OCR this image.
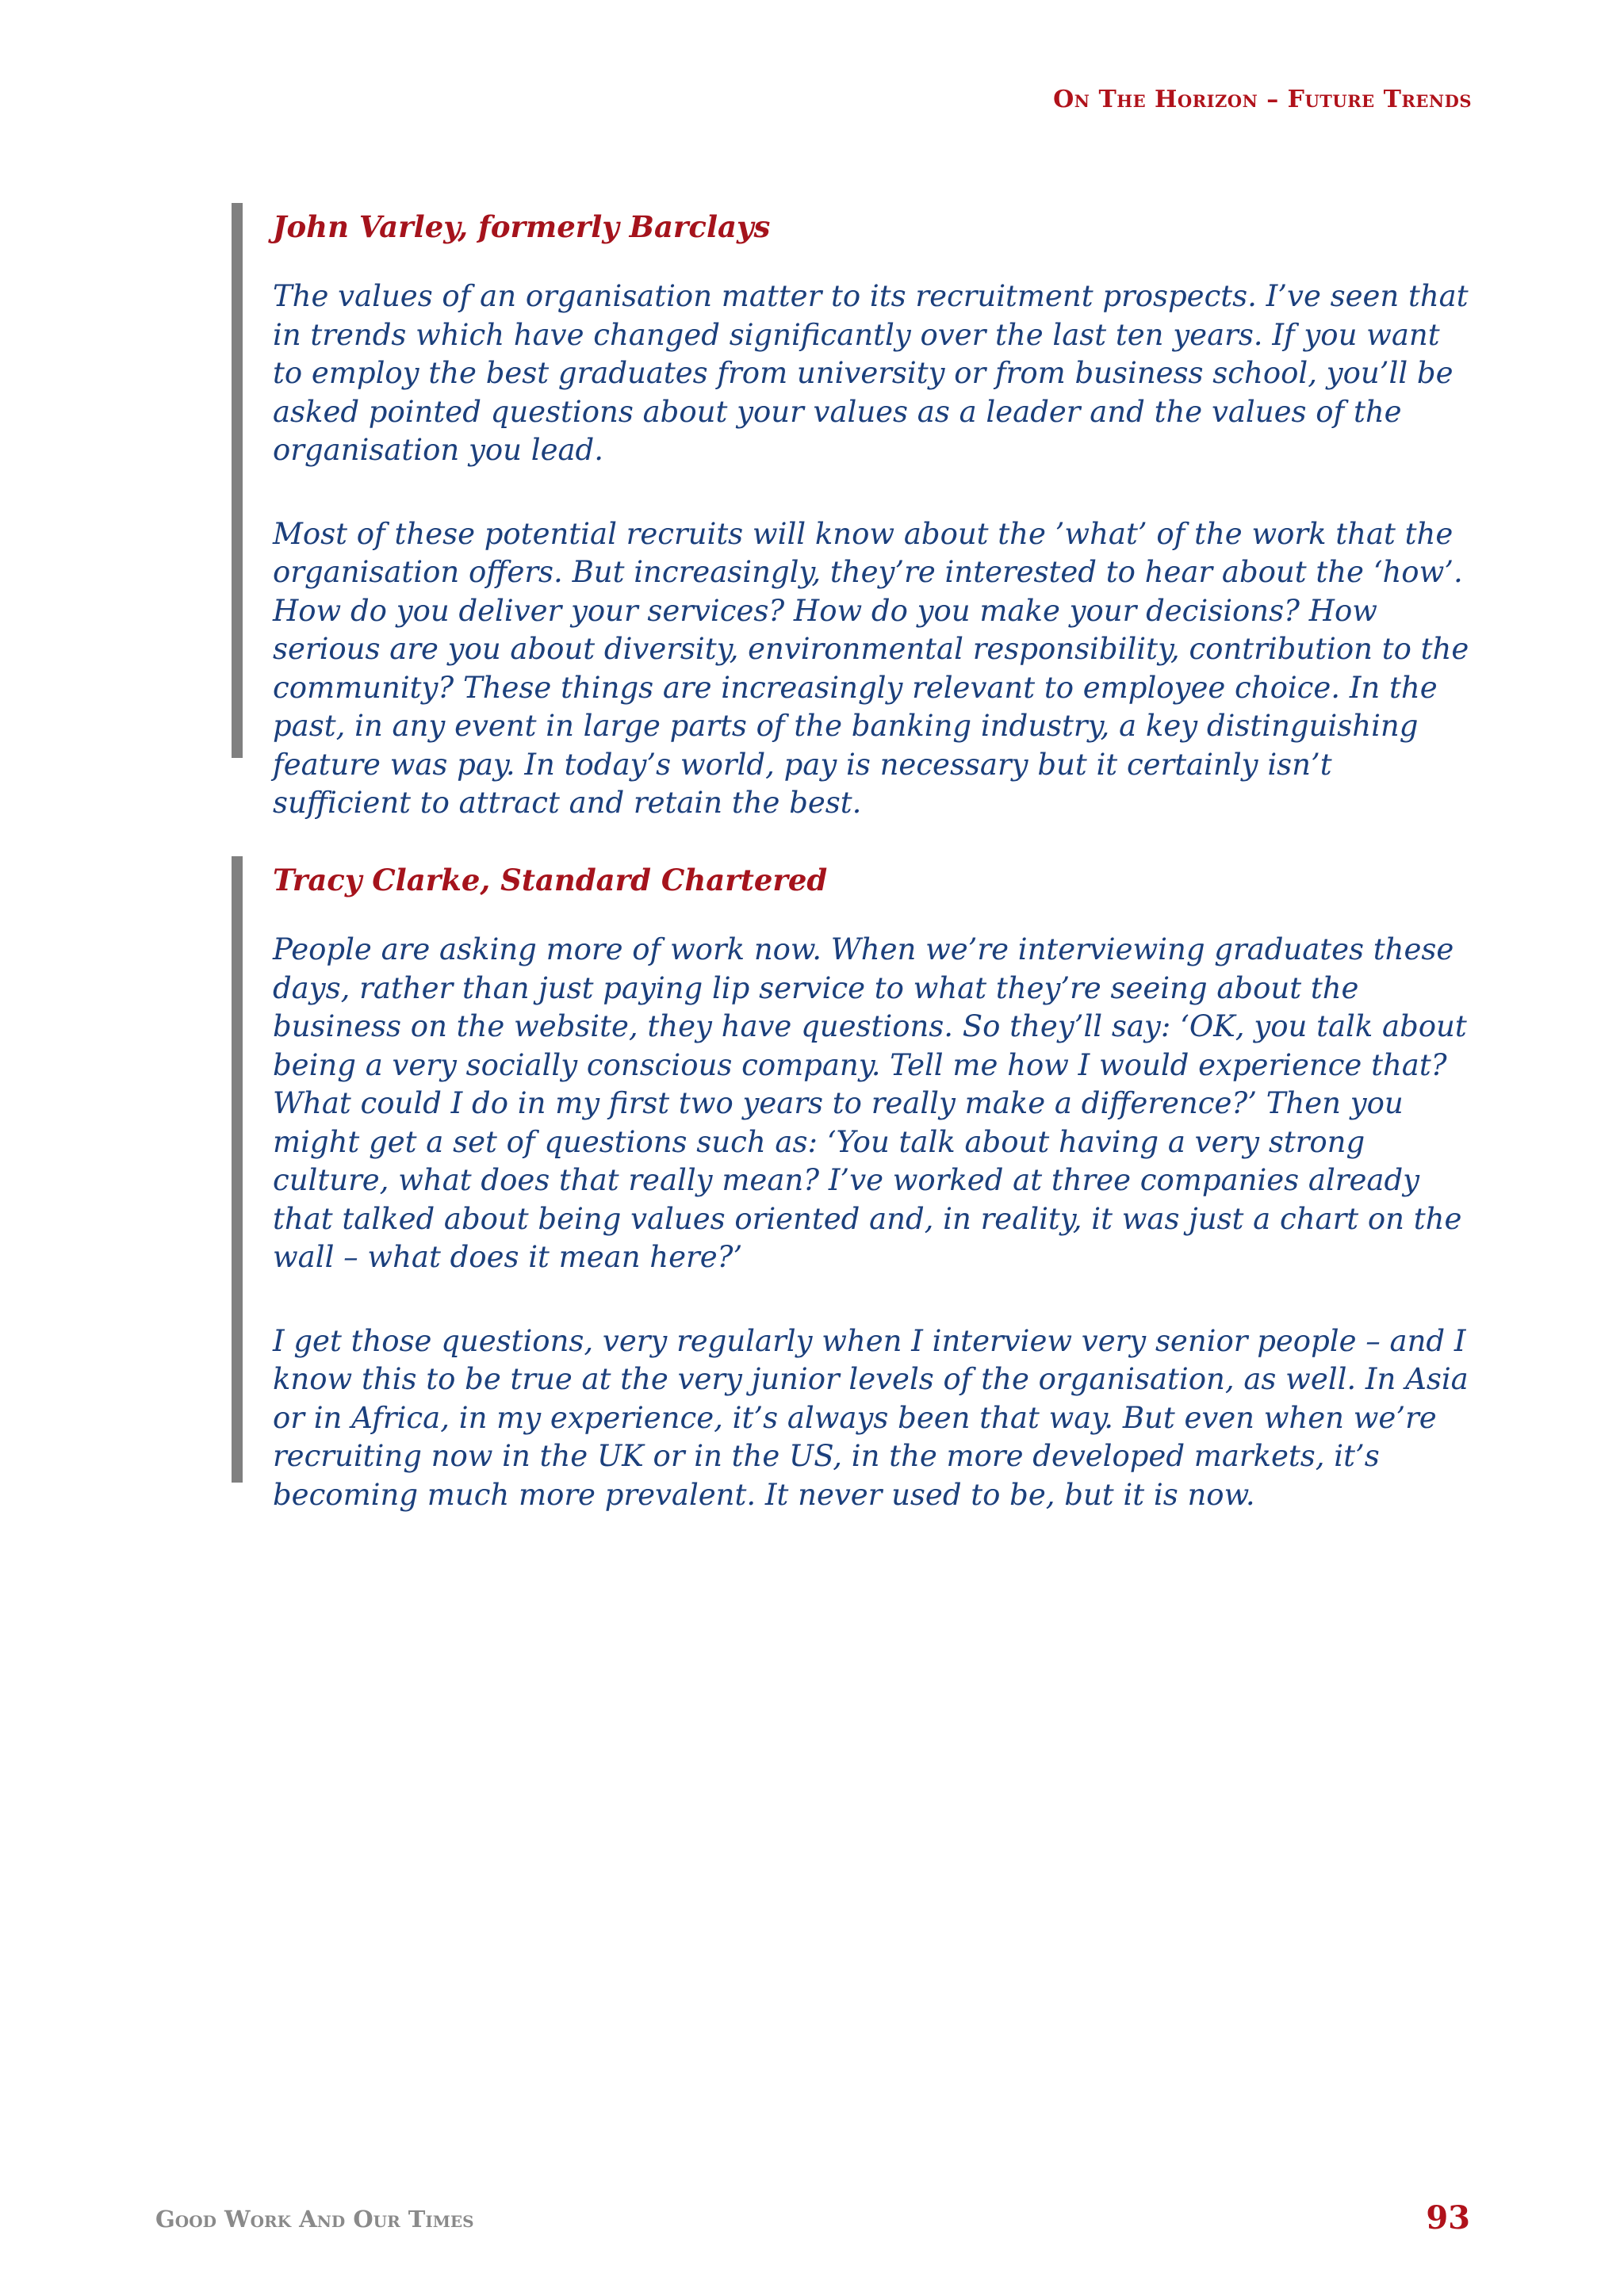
On The Horizon – Future Trends

John Varley, formerly Barclays

The values of an organisation matter to its recruitment prospects. I’ve seen that in trends which have changed significantly over the last ten years. If you want to employ the best graduates from university or from business school, you’ll be asked pointed questions about your values as a leader and the values of the organisation you lead.

Most of these potential recruits will know about the ’what’ of the work that the organisation offers. But increasingly, they’re interested to hear about the ‘how’. How do you deliver your services? How do you make your decisions? How serious are you about diversity, environmental responsibility, contribution to the community? These things are increasingly relevant to employee choice. In the past, in any event in large parts of the banking industry, a key distinguishing feature was pay. In today’s world, pay is necessary but it certainly isn’t sufficient to attract and retain the best.

Tracy Clarke, Standard Chartered

People are asking more of work now. When we’re interviewing graduates these days, rather than just paying lip service to what they’re seeing about the business on the website, they have questions. So they’ll say: ‘OK, you talk about being a very socially conscious company. Tell me how I would experience that? What could I do in my first two years to really make a difference?’ Then you might get a set of questions such as: ‘You talk about having a very strong culture, what does that really mean? I’ve worked at three companies already that talked about being values oriented and, in reality, it was just a chart on the wall – what does it mean here?’

I get those questions, very regularly when I interview very senior people – and I know this to be true at the very junior levels of the organisation, as well. In Asia or in Africa, in my experience, it’s always been that way. But even when we’re recruiting now in the UK or in the US, in the more developed markets, it’s becoming much more prevalent. It never used to be, but it is now.

Good Work And Our Times	93
